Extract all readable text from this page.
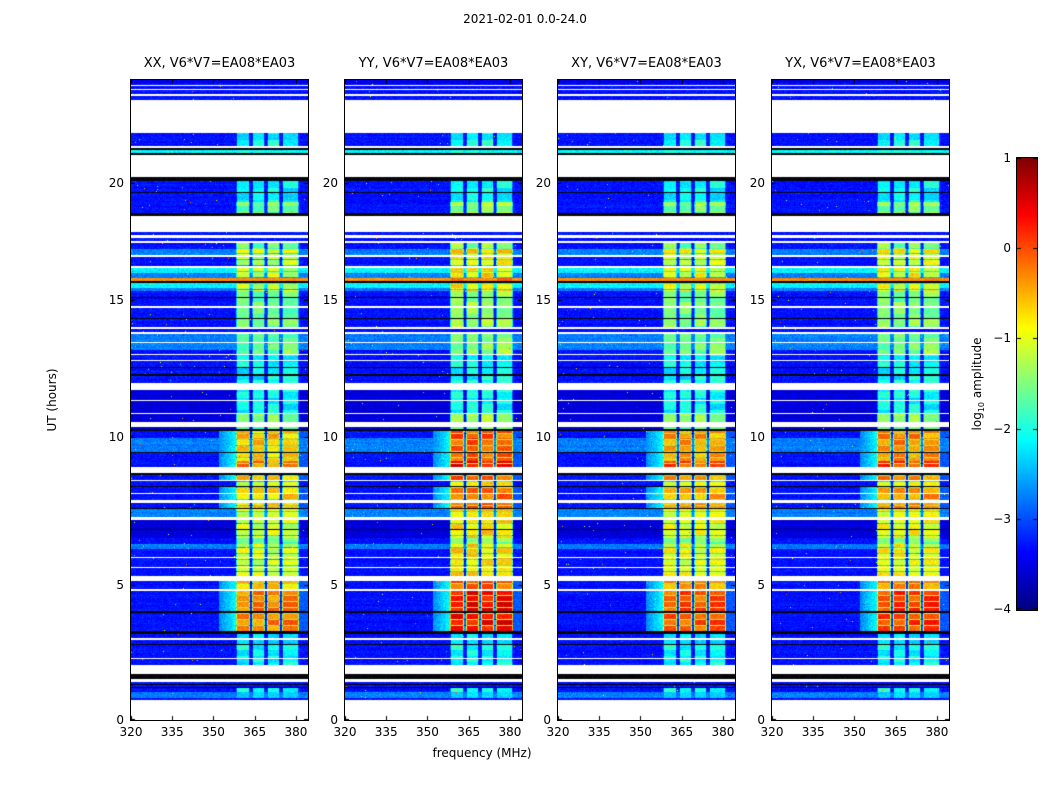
2021-02-01 0.0-24.0
XX, V6*V7=EA08*EA03
0
5
10
15
20
320 335 350 365 380
YY, V6*V7=EA08*EA03
0
5
10
15
20
320 335 350 365 380
XY, V6*V7=EA08*EA03
0
5
10
15
20
320 335 350 365 380
YX, V6*V7=EA08*EA03
0
5
10
15
20
320 335 350 365 380
UT (hours)
frequency (MHz)
$\log_{10}$ amplitude
1
0
−1
−2
−3
−4
